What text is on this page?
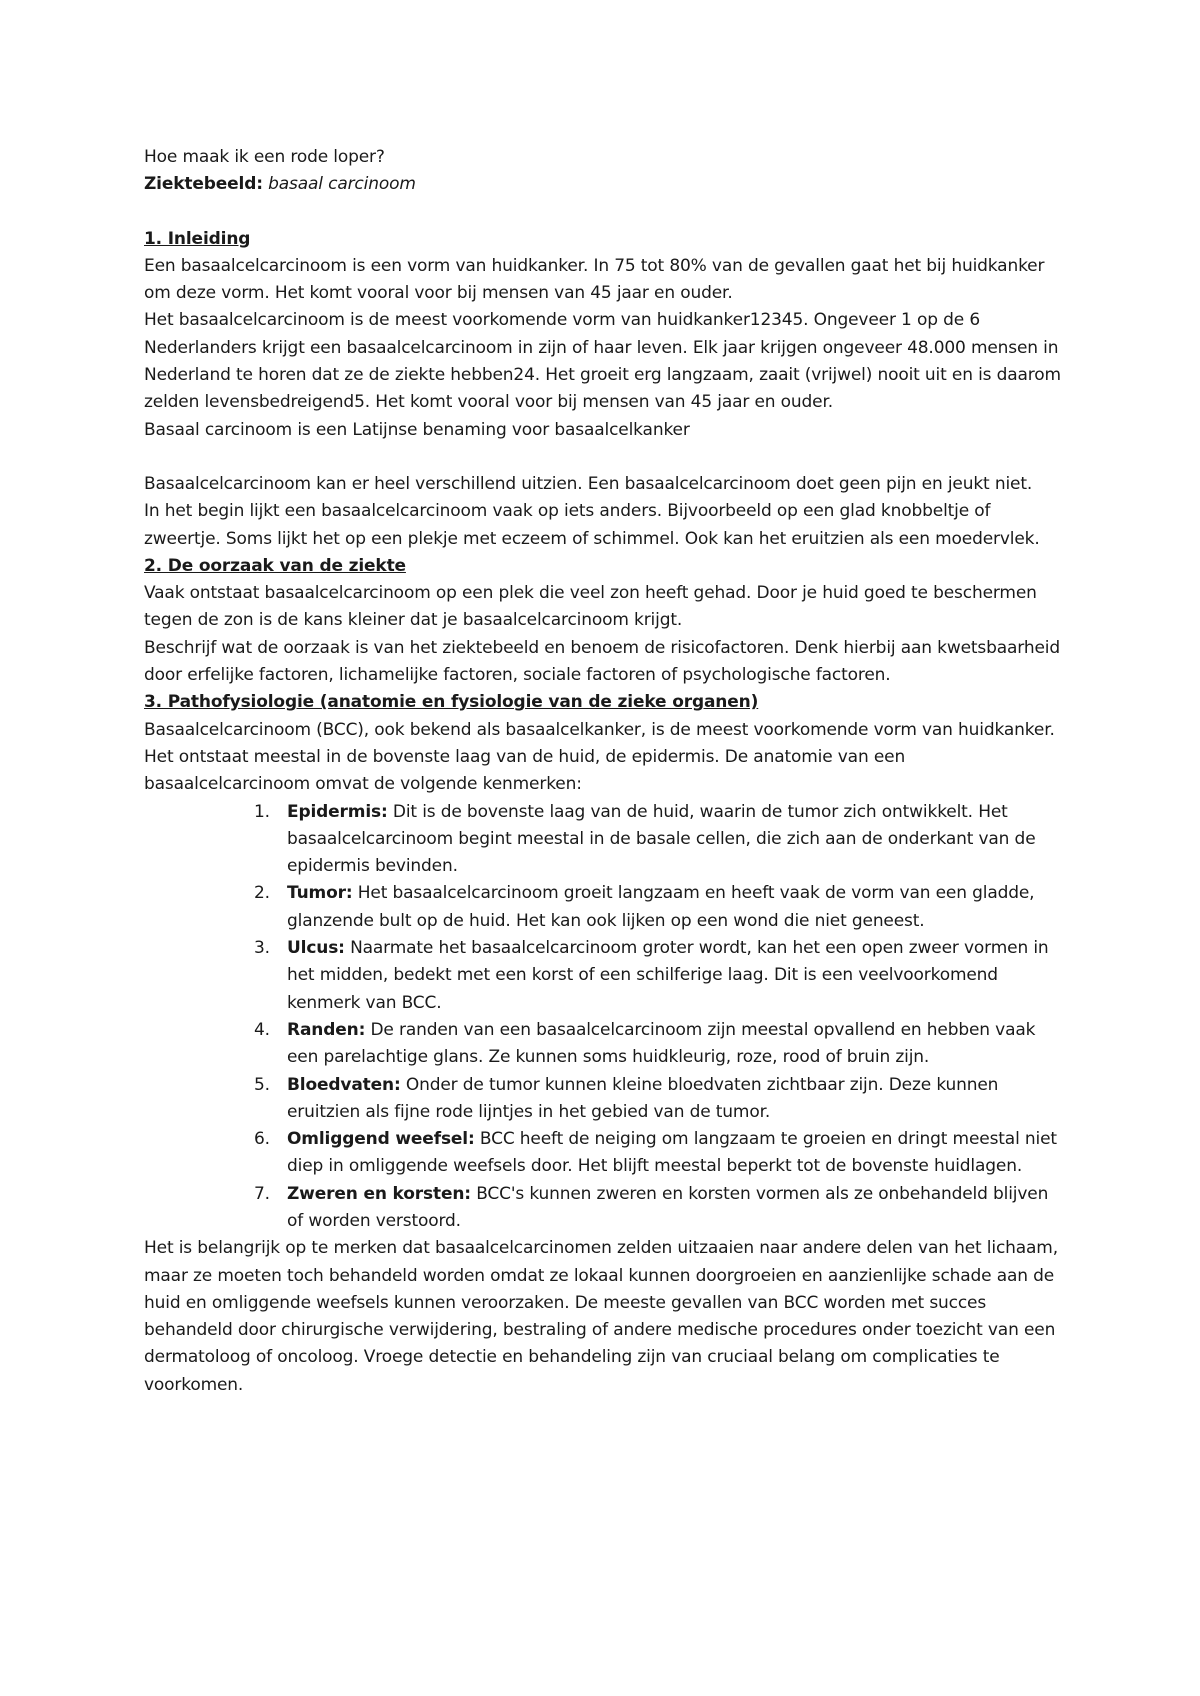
Hoe maak ik een rode loper?

Ziektebeeld: basaal carcinoom

1. Inleiding

Een basaalcelcarcinoom is een vorm van huidkanker. In 75 tot 80% van de gevallen gaat het bij huidkanker om deze vorm. Het komt vooral voor bij mensen van 45 jaar en ouder.

Het basaalcelcarcinoom is de meest voorkomende vorm van huidkanker12345. Ongeveer 1 op de 6 Nederlanders krijgt een basaalcelcarcinoom in zijn of haar leven. Elk jaar krijgen ongeveer 48.000 mensen in Nederland te horen dat ze de ziekte hebben24. Het groeit erg langzaam, zaait (vrijwel) nooit uit en is daarom zelden levensbedreigend5. Het komt vooral voor bij mensen van 45 jaar en ouder.

Basaal carcinoom is een Latijnse benaming voor basaalcelkanker

Basaalcelcarcinoom kan er heel verschillend uitzien. Een basaalcelcarcinoom doet geen pijn en jeukt niet.

In het begin lijkt een basaalcelcarcinoom vaak op iets anders. Bijvoorbeeld op een glad knobbeltje of zweertje. Soms lijkt het op een plekje met eczeem of schimmel. Ook kan het eruitzien als een moedervlek.

2. De oorzaak van de ziekte

Vaak ontstaat basaalcelcarcinoom op een plek die veel zon heeft gehad. Door je huid goed te beschermen tegen de zon is de kans kleiner dat je basaalcelcarcinoom krijgt.

Beschrijf wat de oorzaak is van het ziektebeeld en benoem de risicofactoren. Denk hierbij aan kwetsbaarheid door erfelijke factoren, lichamelijke factoren, sociale factoren of psychologische factoren.

3. Pathofysiologie (anatomie en fysiologie van de zieke organen)

Basaalcelcarcinoom (BCC), ook bekend als basaalcelkanker, is de meest voorkomende vorm van huidkanker. Het ontstaat meestal in de bovenste laag van de huid, de epidermis. De anatomie van een basaalcelcarcinoom omvat de volgende kenmerken:

1. Epidermis: Dit is de bovenste laag van de huid, waarin de tumor zich ontwikkelt. Het basaalcelcarcinoom begint meestal in de basale cellen, die zich aan de onderkant van de epidermis bevinden.
2. Tumor: Het basaalcelcarcinoom groeit langzaam en heeft vaak de vorm van een gladde, glanzende bult op de huid. Het kan ook lijken op een wond die niet geneest.
3. Ulcus: Naarmate het basaalcelcarcinoom groter wordt, kan het een open zweer vormen in het midden, bedekt met een korst of een schilferige laag. Dit is een veelvoorkomend kenmerk van BCC.
4. Randen: De randen van een basaalcelcarcinoom zijn meestal opvallend en hebben vaak een parelachtige glans. Ze kunnen soms huidkleurig, roze, rood of bruin zijn.
5. Bloedvaten: Onder de tumor kunnen kleine bloedvaten zichtbaar zijn. Deze kunnen eruitzien als fijne rode lijntjes in het gebied van de tumor.
6. Omliggend weefsel: BCC heeft de neiging om langzaam te groeien en dringt meestal niet diep in omliggende weefsels door. Het blijft meestal beperkt tot de bovenste huidlagen.
7. Zweren en korsten: BCC's kunnen zweren en korsten vormen als ze onbehandeld blijven of worden verstoord.

Het is belangrijk op te merken dat basaalcelcarcinomen zelden uitzaaien naar andere delen van het lichaam, maar ze moeten toch behandeld worden omdat ze lokaal kunnen doorgroeien en aanzienlijke schade aan de huid en omliggende weefsels kunnen veroorzaken. De meeste gevallen van BCC worden met succes behandeld door chirurgische verwijdering, bestraling of andere medische procedures onder toezicht van een dermatoloog of oncoloog. Vroege detectie en behandeling zijn van cruciaal belang om complicaties te voorkomen.
